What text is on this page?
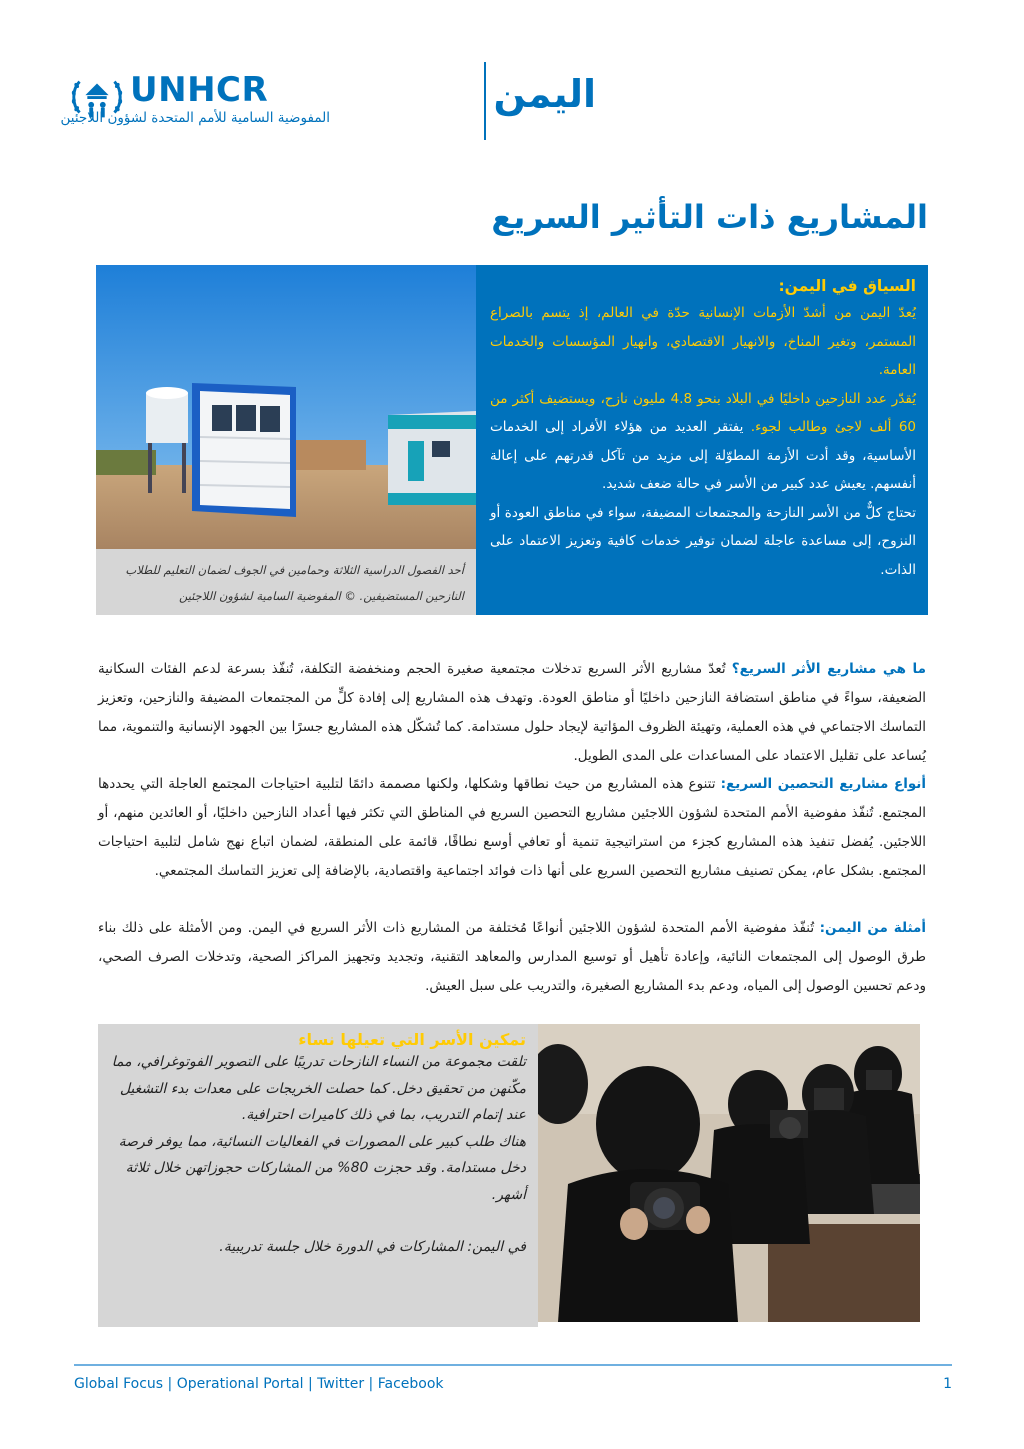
UNHCR
المفوضية السامية للأمم المتحدة لشؤون اللاجئين
اليمن
المشاريع ذات التأثير السريع

أحد الفصول الدراسية الثلاثة وحمامين في الجوف لضمان التعليم للطلاب النازحين المستضيفين. © المفوضية السامية لشؤون اللاجئين

السياق في اليمن:

يُعدّ اليمن من أشدّ الأزمات الإنسانية حدّة في العالم، إذ يتسم بالصراع المستمر، وتغير المناخ، والانهيار الاقتصادي، وانهيار المؤسسات والخدمات العامة.

يُقدّر عدد النازحين داخليًا في البلاد بنحو 4.8 مليون نازح، ويستضيف أكثر من 60 ألف لاجئ وطالب لجوء. يفتقر العديد من هؤلاء الأفراد إلى الخدمات الأساسية، وقد أدت الأزمة المطوّلة إلى مزيد من تآكل قدرتهم على إعالة أنفسهم. يعيش عدد كبير من الأسر في حالة ضعف شديد.

تحتاج كلٌّ من الأسر النازحة والمجتمعات المضيفة، سواء في مناطق العودة أو النزوح، إلى مساعدة عاجلة لضمان توفير خدمات كافية وتعزيز الاعتماد على الذات.

ما هي مشاريع الأثر السريع؟ تُعدّ مشاريع الأثر السريع تدخلات مجتمعية صغيرة الحجم ومنخفضة التكلفة، تُنفّذ بسرعة لدعم الفئات السكانية الضعيفة، سواءً في مناطق استضافة النازحين داخليًا أو مناطق العودة. وتهدف هذه المشاريع إلى إفادة كلٍّ من المجتمعات المضيفة والنازحين، وتعزيز التماسك الاجتماعي في هذه العملية، وتهيئة الظروف المؤاتية لإيجاد حلول مستدامة. كما تُشكّل هذه المشاريع جسرًا بين الجهود الإنسانية والتنموية، مما يُساعد على تقليل الاعتماد على المساعدات على المدى الطويل.
أنواع مشاريع التحصين السريع: تتنوع هذه المشاريع من حيث نطاقها وشكلها، ولكنها مصممة دائمًا لتلبية احتياجات المجتمع العاجلة التي يحددها المجتمع. تُنفّذ مفوضية الأمم المتحدة لشؤون اللاجئين مشاريع التحصين السريع في المناطق التي تكثر فيها أعداد النازحين داخليًا، أو العائدين منهم، أو اللاجئين. يُفضل تنفيذ هذه المشاريع كجزء من استراتيجية تنمية أو تعافي أوسع نطاقًا، قائمة على المنطقة، لضمان اتباع نهج شامل لتلبية احتياجات المجتمع. بشكل عام، يمكن تصنيف مشاريع التحصين السريع على أنها ذات فوائد اجتماعية واقتصادية، بالإضافة إلى تعزيز التماسك المجتمعي.
أمثلة من اليمن: تُنفّذ مفوضية الأمم المتحدة لشؤون اللاجئين أنواعًا مُختلفة من المشاريع ذات الأثر السريع في اليمن. ومن الأمثلة على ذلك بناء طرق الوصول إلى المجتمعات النائية، وإعادة تأهيل أو توسيع المدارس والمعاهد التقنية، وتجديد وتجهيز المراكز الصحية، وتدخلات الصرف الصحي، ودعم تحسين الوصول إلى المياه، ودعم بدء المشاريع الصغيرة، والتدريب على سبل العيش.
تمكين الأسر التي تعيلها نساء

تلقت مجموعة من النساء النازحات تدريبًا على التصوير الفوتوغرافي، مما مكّنهن من تحقيق دخل. كما حصلت الخريجات على معدات بدء التشغيل عند إتمام التدريب، بما في ذلك كاميرات احترافية.

هناك طلب كبير على المصورات في الفعاليات النسائية، مما يوفر فرصة دخل مستدامة. وقد حجزت 80% من المشاركات حجوزاتهن خلال ثلاثة أشهر.

في اليمن: المشاركات في الدورة خلال جلسة تدريبية.

Global Focus | Operational Portal | Twitter | Facebook	1
